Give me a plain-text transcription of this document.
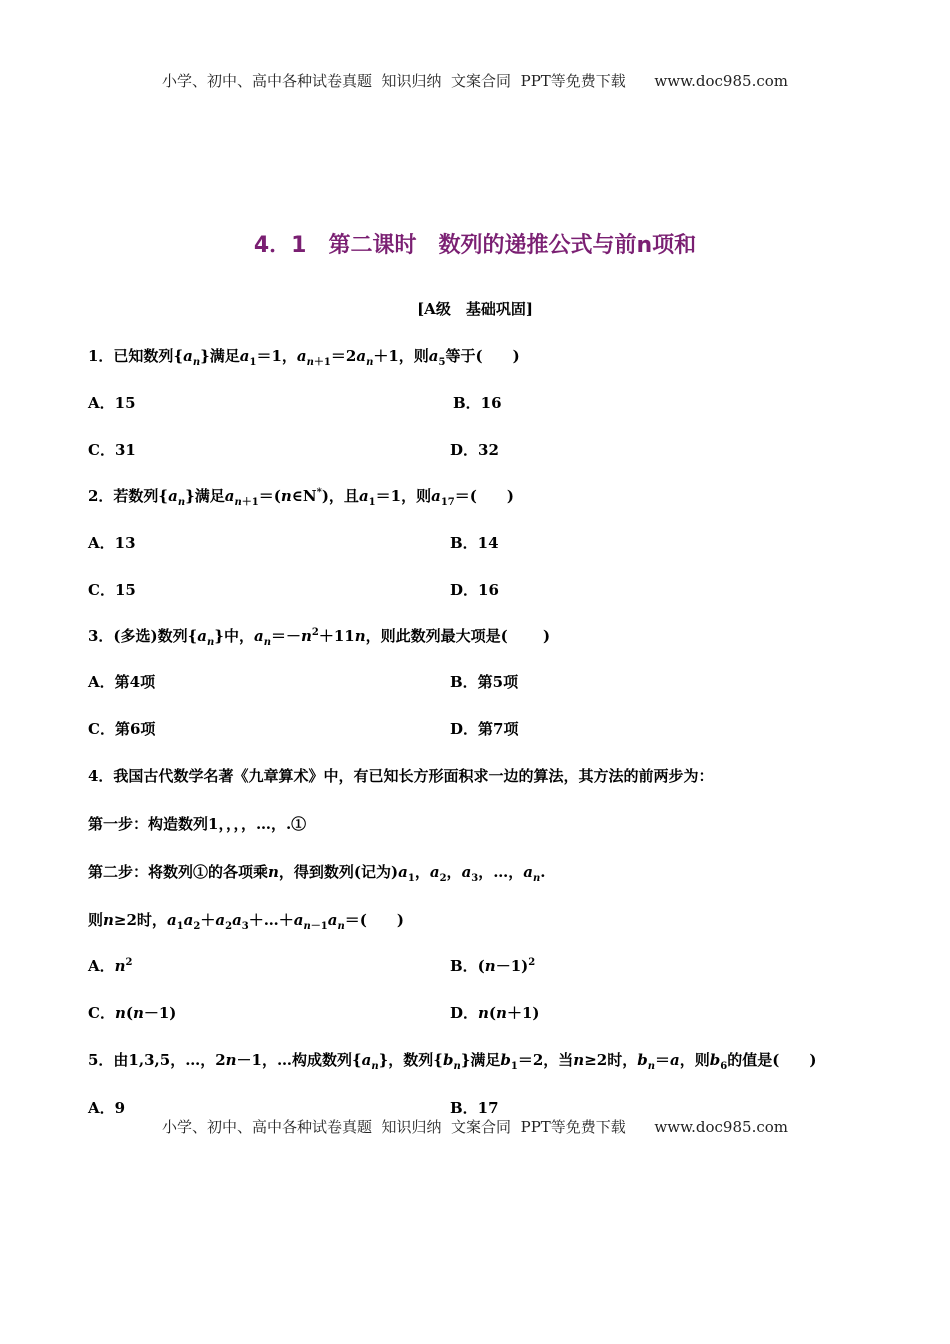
小学、初中、高中各种试卷真题  知识归纳  文案合同  PPT等免费下载      www.doc985.com
4．1　第二课时　数列的递推公式与前n项和
[A级　基础巩固]
1．已知数列$\{a_n\}$满足$a_1=1$，$a_{n+1}=2a_n+1$，则$a_5$等于(　　)
A．15	B．16
C．31	D．32
2．若数列$\{a_n\}$满足$a_{n+1}=(n\in N^*)$，且$a_1=1$，则$a_{17}=$(　　)
A．13	B．14
C．15	D．16
3．(多选)数列$\{a_n\}$中，$a_n=-n^2+11n$，则此数列最大项是(　　 )
A．第4项	B．第5项
C．第6项	D．第7项
4．我国古代数学名著《九章算术》中，有已知长方形面积求一边的算法，其方法的前两步为：
第一步：构造数列1，，，，…，.①
第二步：将数列①的各项乘n，得到数列(记为)$a_1$，$a_2$，$a_3$，…，$a_n$.
则n≥2时，$a_1a_2+a_2a_3+\dots+a_{n-1}a_n=$(　　)
A．$n^2$	B．$(n-1)^2$
C．n(n－1)	D．n(n＋1)
5．由1,3,5，…，2n－1，…构成数列$\{a_n\}$，数列$\{b_n\}$满足$b_1=2$，当n≥2时，$b_n=a$，则$b_6$的值是(　　)
A．9	B．17
小学、初中、高中各种试卷真题  知识归纳  文案合同  PPT等免费下载      www.doc985.com
